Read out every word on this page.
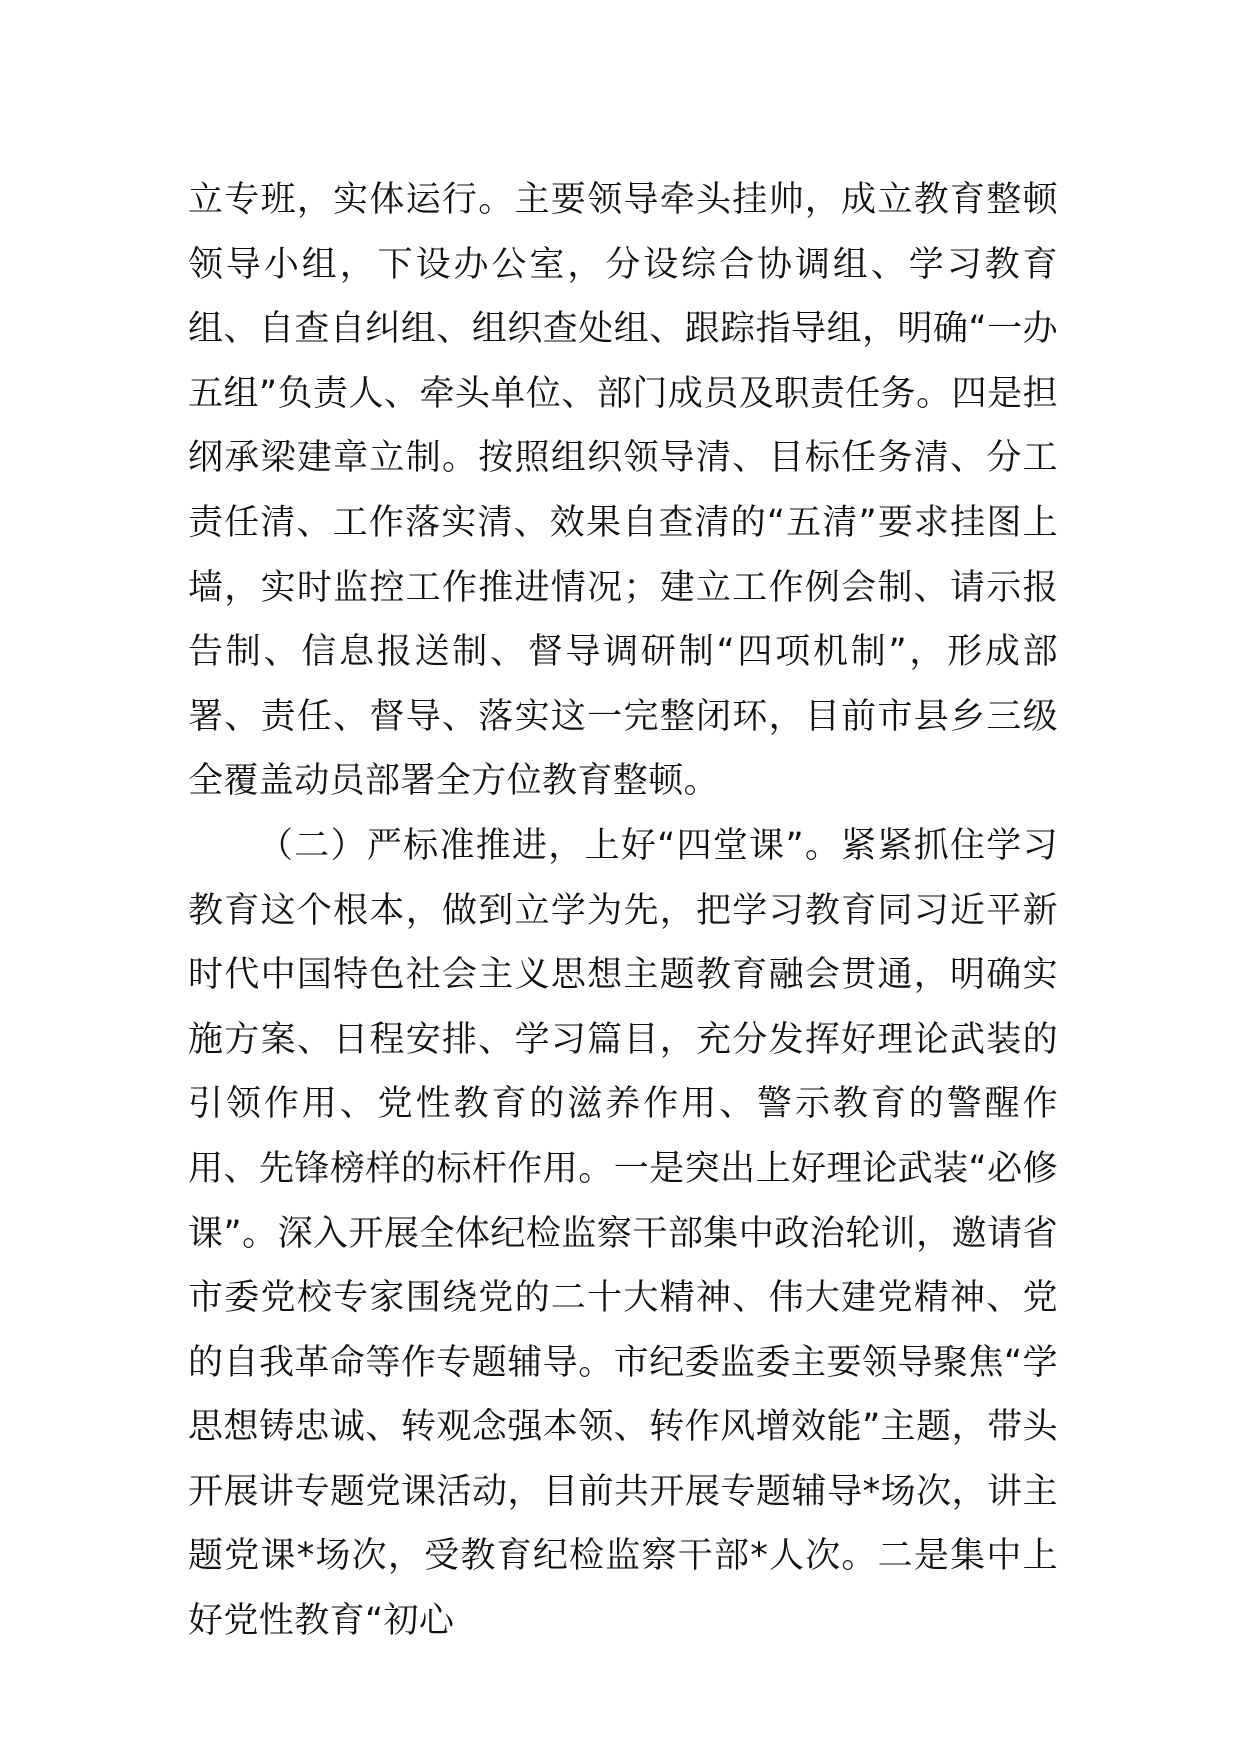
立专班，实体运行。主要领导牵头挂帅，成立教育整顿领导小组，下设办公室，分设综合协调组、学习教育组、自查自纠组、组织查处组、跟踪指导组，明确“一办五组”负责人、牵头单位、部门成员及职责任务。四是担纲承梁建章立制。按照组织领导清、目标任务清、分工责任清、工作落实清、效果自查清的“五清”要求挂图上墙，实时监控工作推进情况；建立工作例会制、请示报告制、信息报送制、督导调研制“四项机制”，形成部署、责任、督导、落实这一完整闭环，目前市县乡三级全覆盖动员部署全方位教育整顿。

（二）严标准推进，上好“四堂课”。紧紧抓住学习教育这个根本，做到立学为先，把学习教育同习近平新时代中国特色社会主义思想主题教育融会贯通，明确实施方案、日程安排、学习篇目，充分发挥好理论武装的引领作用、党性教育的滋养作用、警示教育的警醒作用、先锋榜样的标杆作用。一是突出上好理论武装“必修课”。深入开展全体纪检监察干部集中政治轮训，邀请省市委党校专家围绕党的二十大精神、伟大建党精神、党的自我革命等作专题辅导。市纪委监委主要领导聚焦“学思想铸忠诚、转观念强本领、转作风增效能”主题，带头开展讲专题党课活动，目前共开展专题辅导*场次，讲主题党课*场次，受教育纪检监察干部*人次。二是集中上好党性教育“初心
